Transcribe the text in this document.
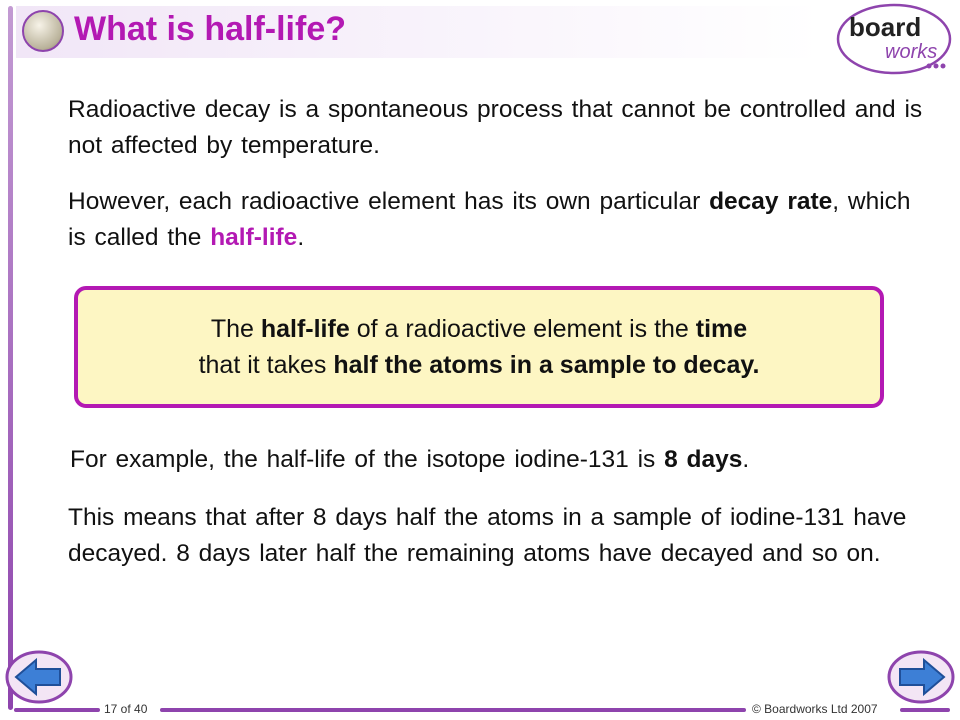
What is half-life?	board
works
Radioactive decay is a spontaneous process that cannot be controlled and is not affected by temperature.
However, each radioactive element has its own particular decay rate, which is called the half-life.
The half-life of a radioactive element is the time
that it takes half the atoms in a sample to decay.
For example, the half-life of the isotope iodine-131 is 8 days.
This means that after 8 days half the atoms in a sample of iodine-131 have decayed. 8 days later half the remaining atoms have decayed and so on.
17 of 40	© Boardworks Ltd 2007
